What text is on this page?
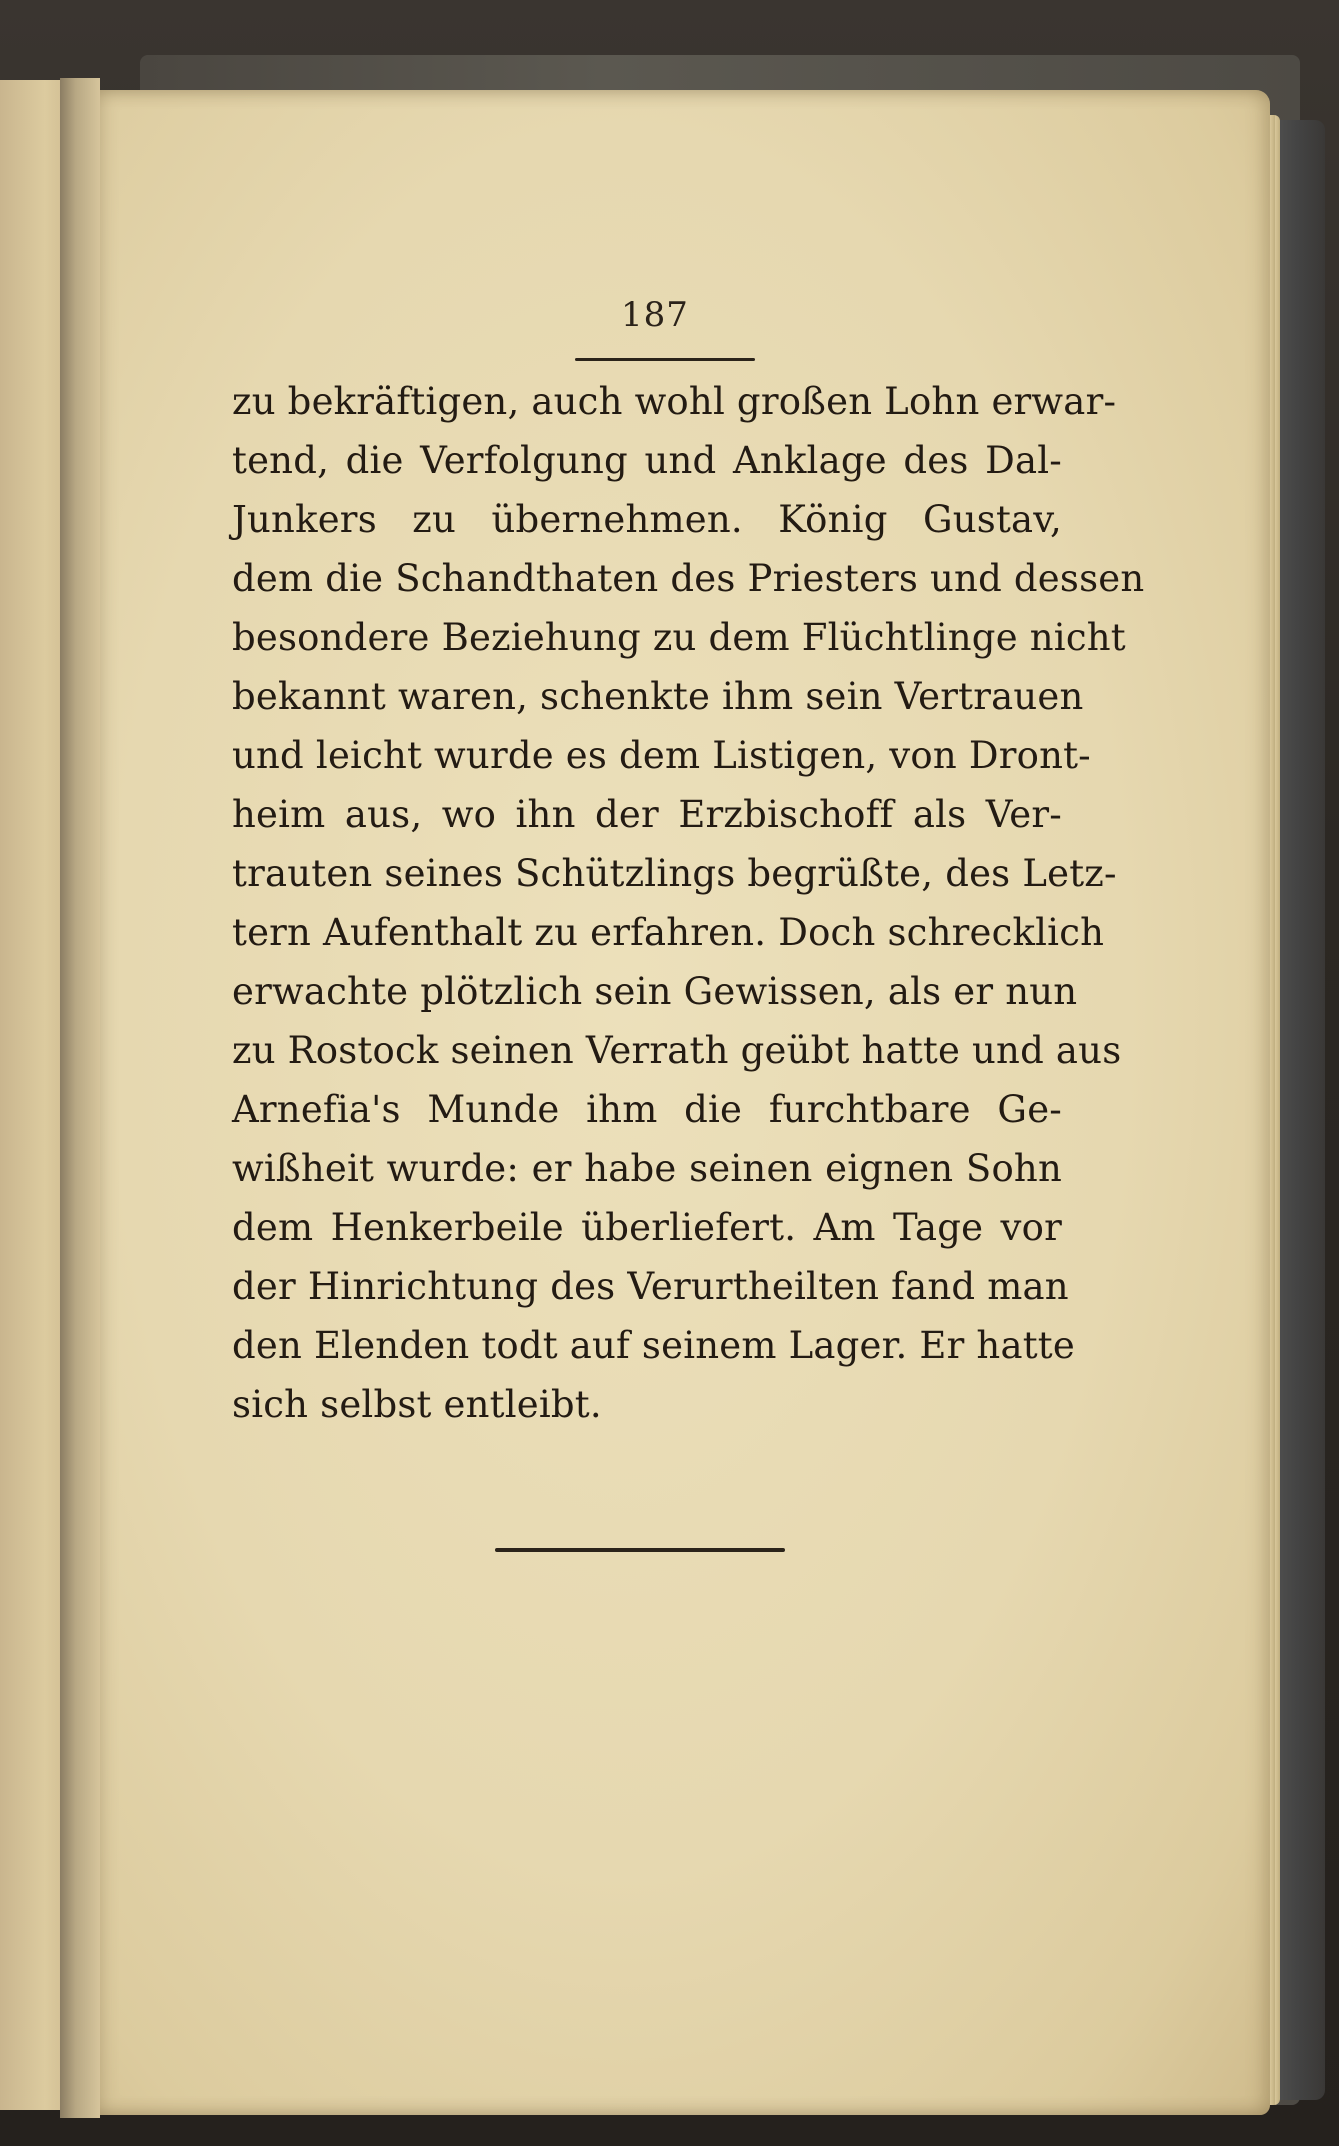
187
zu bekräftigen, auch wohl großen Lohn erwar-
tend, die Verfolgung und Anklage des Dal-
Junkers zu übernehmen. König Gustav,
dem die Schandthaten des Priesters und dessen
besondere Beziehung zu dem Flüchtlinge nicht
bekannt waren, schenkte ihm sein Vertrauen
und leicht wurde es dem Listigen, von Dront-
heim aus, wo ihn der Erzbischoff als Ver-
trauten seines Schützlings begrüßte, des Letz-
tern Aufenthalt zu erfahren. Doch schrecklich
erwachte plötzlich sein Gewissen, als er nun
zu Rostock seinen Verrath geübt hatte und aus
Arnefia's Munde ihm die furchtbare Ge-
wißheit wurde: er habe seinen eignen Sohn
dem Henkerbeile überliefert. Am Tage vor
der Hinrichtung des Verurtheilten fand man
den Elenden todt auf seinem Lager. Er hatte
sich selbst entleibt.
